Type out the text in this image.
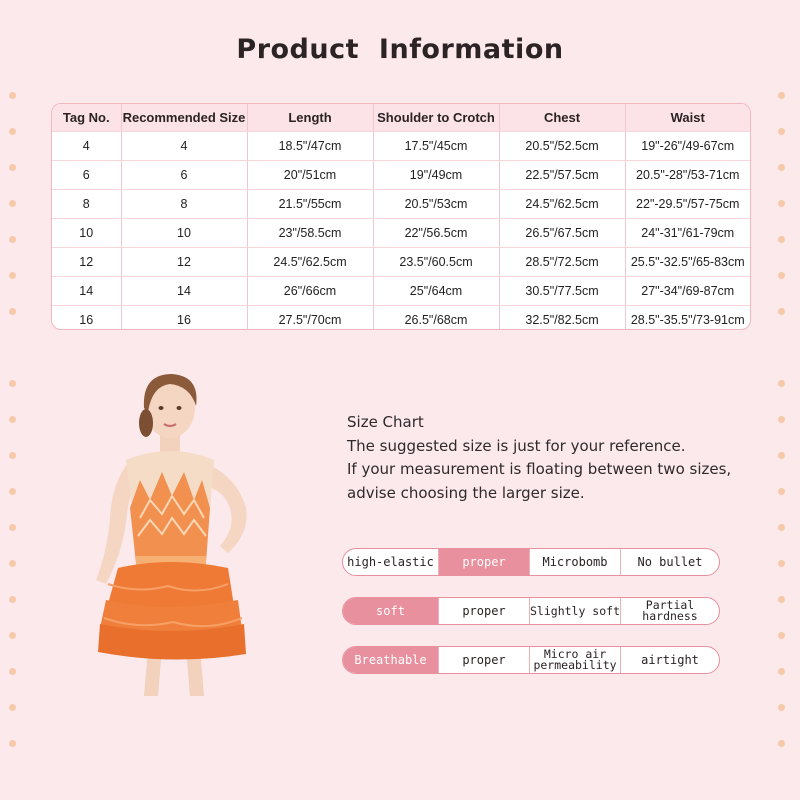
Product Information
Tag No.	Recommended Size	Length	Shoulder to Crotch	Chest	Waist
4	4	18.5"/47cm	17.5"/45cm	20.5"/52.5cm	19"-26"/49-67cm
6	6	20"/51cm	19"/49cm	22.5"/57.5cm	20.5"-28"/53-71cm
8	8	21.5"/55cm	20.5"/53cm	24.5"/62.5cm	22"-29.5"/57-75cm
10	10	23"/58.5cm	22"/56.5cm	26.5"/67.5cm	24"-31"/61-79cm
12	12	24.5"/62.5cm	23.5"/60.5cm	28.5"/72.5cm	25.5"-32.5"/65-83cm
14	14	26"/66cm	25"/64cm	30.5"/77.5cm	27"-34"/69-87cm
16	16	27.5"/70cm	26.5"/68cm	32.5"/82.5cm	28.5"-35.5"/73-91cm
Size Chart
The suggested size is just for your reference.
If your measurement is floating between two sizes,
advise choosing the larger size.
high-elastic	proper	Microbomb	No bullet
soft	proper	Slightly soft	Partial hardness
Breathable	proper	Micro air permeability	airtight
